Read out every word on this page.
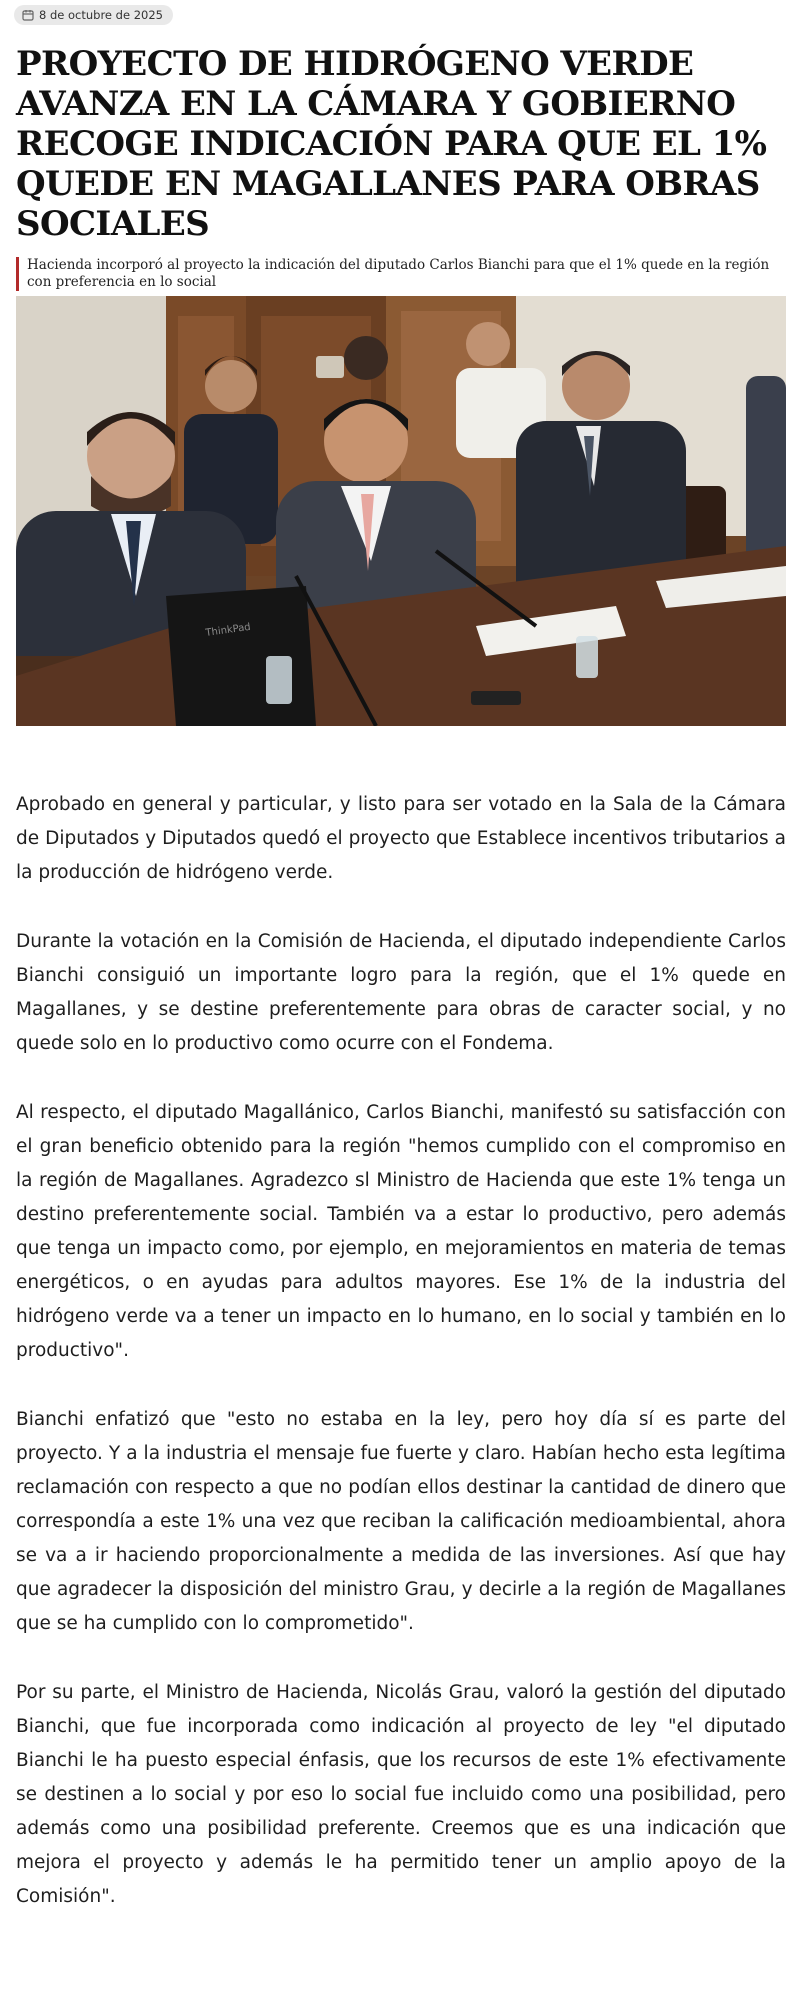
8 de octubre de 2025
PROYECTO DE HIDRÓGENO VERDE AVANZA EN LA CÁMARA Y GOBIERNO RECOGE INDICACIÓN PARA QUE EL 1% QUEDE EN MAGALLANES PARA OBRAS SOCIALES
Hacienda incorporó al proyecto la indicación del diputado Carlos Bianchi para que el 1% quede en la región con preferencia en lo social
ThinkPad

Aprobado en general y particular, y listo para ser votado en la Sala de la Cámara de Diputados y Diputados quedó el proyecto que Establece incentivos tributarios a la producción de hidrógeno verde.

Durante la votación en la Comisión de Hacienda, el diputado independiente Carlos Bianchi consiguió un importante logro para la región, que el 1% quede en Magallanes, y se destine preferentemente para obras de caracter social, y no quede solo en lo productivo como ocurre con el Fondema.

Al respecto, el diputado Magallánico, Carlos Bianchi, manifestó su satisfacción con el gran beneficio obtenido para la región "hemos cumplido con el compromiso en la región de Magallanes. Agradezco sl Ministro de Hacienda que este 1% tenga un destino preferentemente social. También va a estar lo productivo, pero además que tenga un impacto como, por ejemplo, en mejoramientos en materia de temas energéticos, o en ayudas para adultos mayores. Ese 1% de la industria del hidrógeno verde va a tener un impacto en lo humano, en lo social y también en lo productivo".

Bianchi enfatizó que "esto no estaba en la ley, pero hoy día sí es parte del proyecto. Y a la industria el mensaje fue fuerte y claro. Habían hecho esta legítima reclamación con respecto a que no podían ellos destinar la cantidad de dinero que correspondía a este 1% una vez que reciban la calificación medioambiental, ahora se va a ir haciendo proporcionalmente a medida de las inversiones. Así que hay que agradecer la disposición del ministro Grau, y decirle a la región de Magallanes que se ha cumplido con lo comprometido".

Por su parte, el Ministro de Hacienda, Nicolás Grau, valoró la gestión del diputado Bianchi, que fue incorporada como indicación al proyecto de ley "el diputado Bianchi le ha puesto especial énfasis, que los recursos de este 1% efectivamente se destinen a lo social y por eso lo social fue incluido como una posibilidad, pero además como una posibilidad preferente. Creemos que es una indicación que mejora el proyecto y además le ha permitido tener un amplio apoyo de la Comisión".
